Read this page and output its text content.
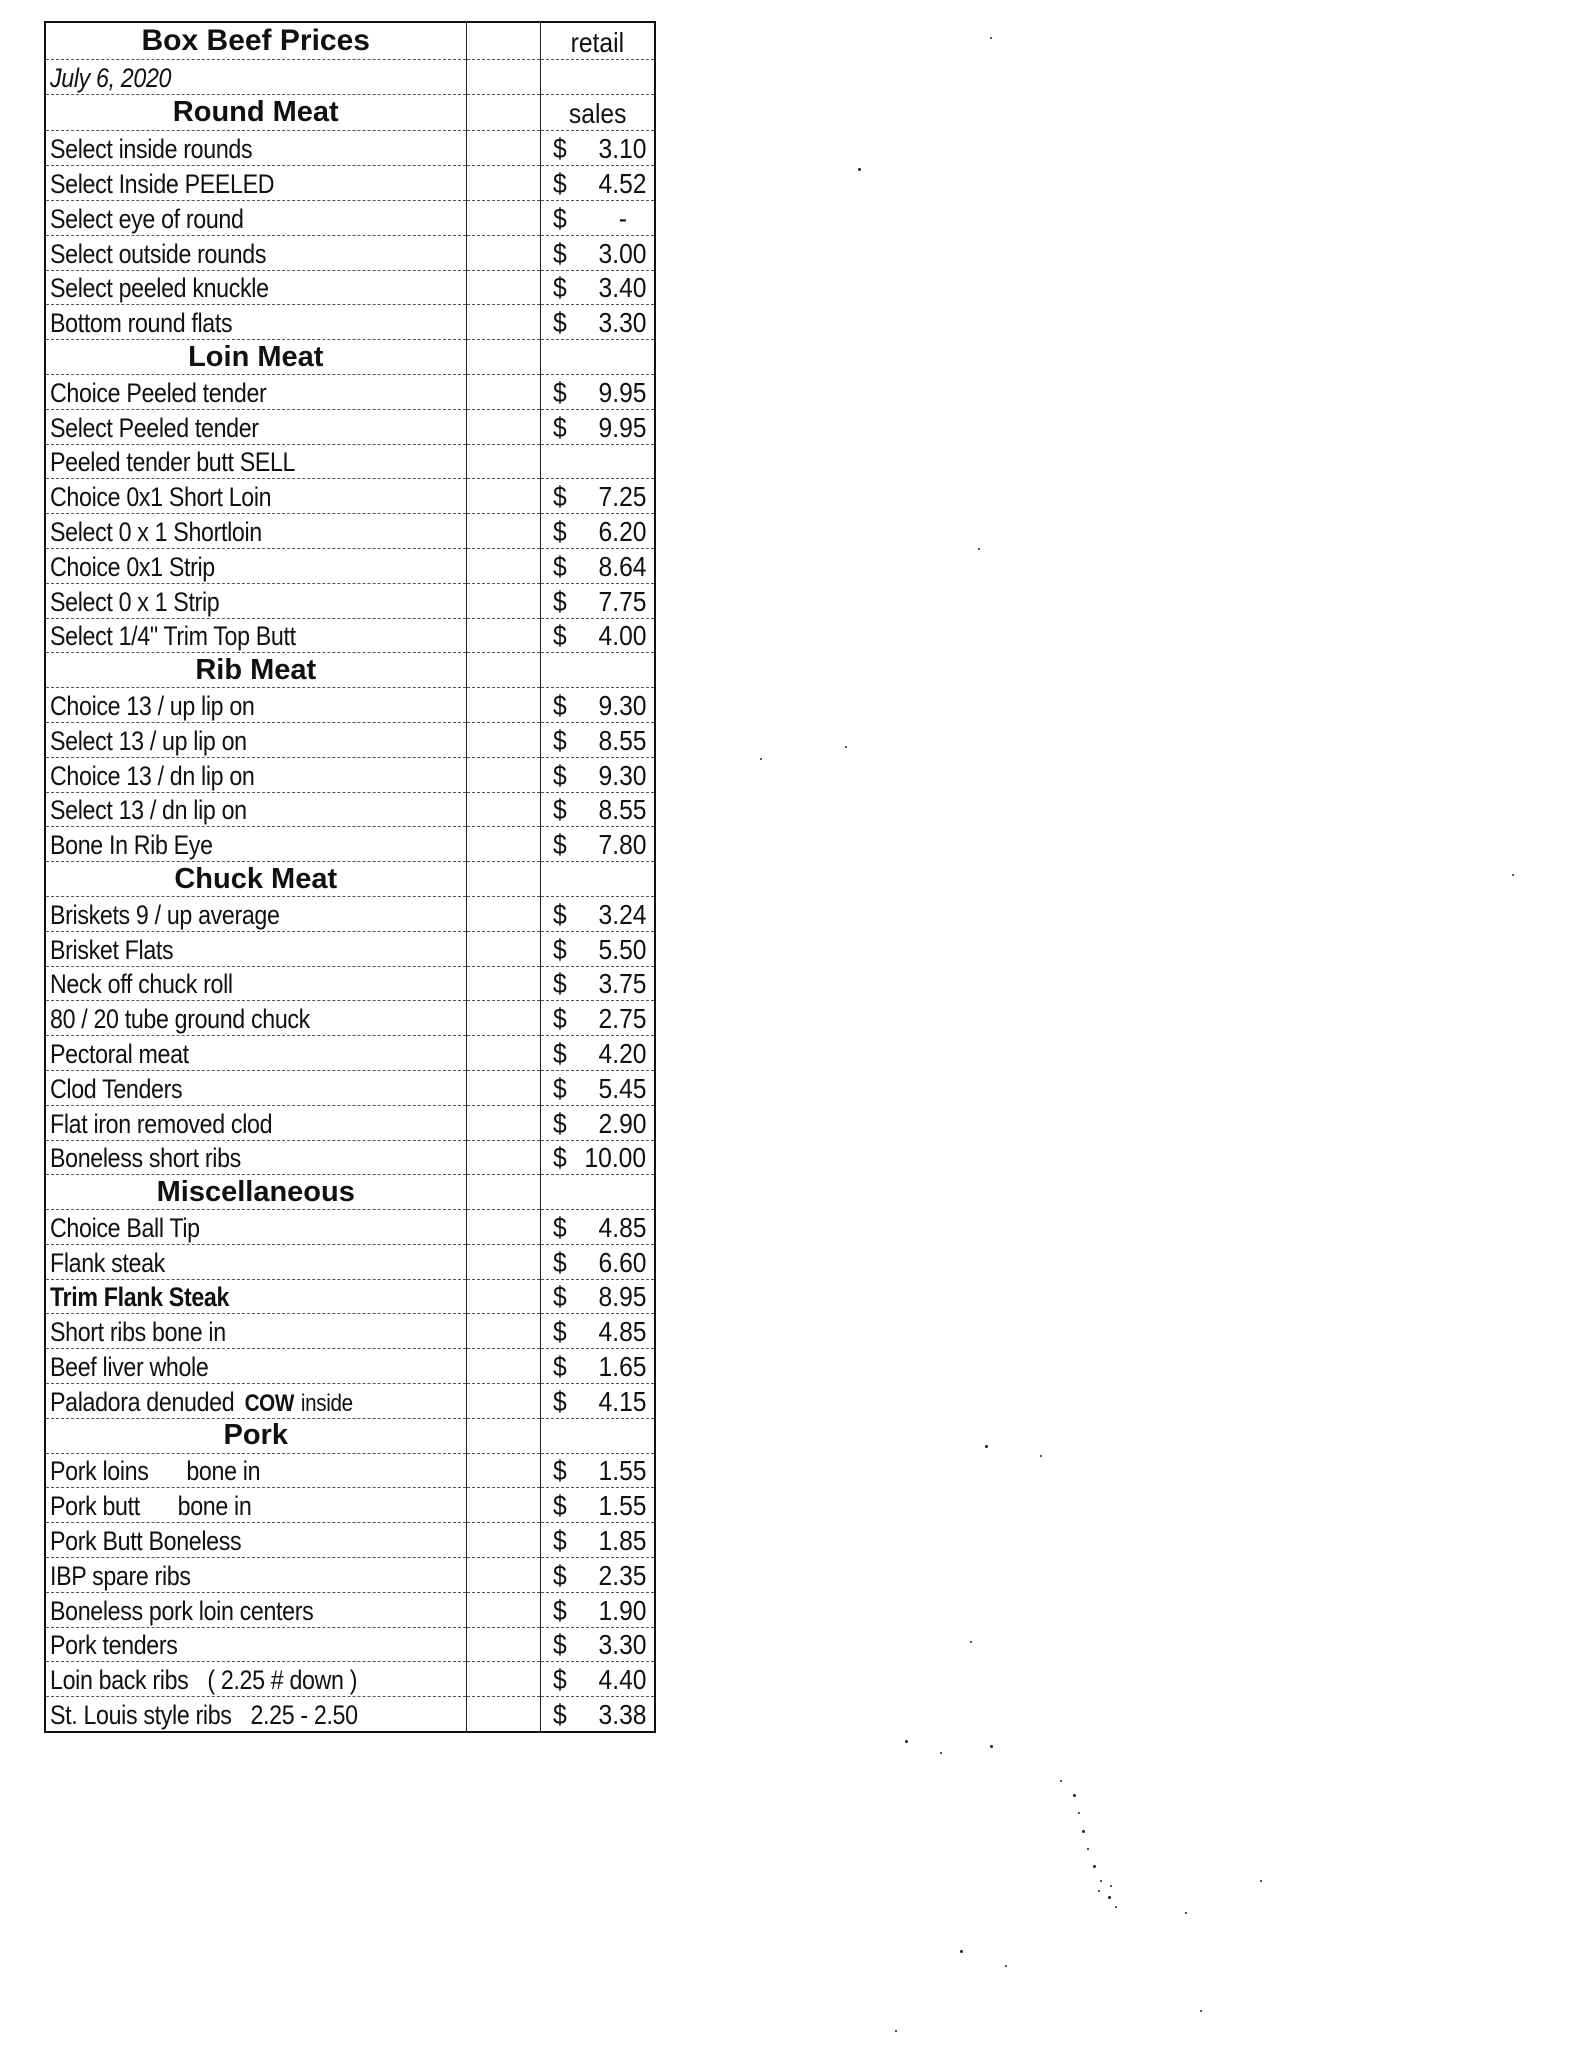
Box Beef Prices		retail
July 6, 2020		
Round Meat		sales
Select inside rounds		$ 3.10

Select Inside PEELED		$ 4.52

Select eye of round		$ -

Select outside rounds		$ 3.00

Select peeled knuckle		$ 3.40

Bottom round flats		$ 3.30

Loin Meat		
Choice Peeled tender		$ 9.95

Select Peeled tender		$ 9.95

Peeled tender butt SELL		

Choice 0x1 Short Loin		$ 7.25

Select 0 x 1 Shortloin		$ 6.20

Choice 0x1 Strip		$ 8.64

Select 0 x 1 Strip		$ 7.75

Select 1/4" Trim Top Butt		$ 4.00

Rib Meat		
Choice 13 / up lip on		$ 9.30

Select 13 / up lip on		$ 8.55

Choice 13 / dn lip on		$ 9.30

Select 13 / dn lip on		$ 8.55

Bone In Rib Eye		$ 7.80

Chuck Meat		
Briskets 9 / up average		$ 3.24

Brisket Flats		$ 5.50

Neck off chuck roll		$ 3.75

80 / 20 tube ground chuck		$ 2.75

Pectoral meat		$ 4.20

Clod Tenders		$ 5.45

Flat iron removed clod		$ 2.90

Boneless short ribs		$ 10.00

Miscellaneous		
Choice Ball Tip		$ 4.85

Flank steak		$ 6.60

Trim Flank Steak		$ 8.95

Short ribs bone in		$ 4.85

Beef liver whole		$ 1.65

Paladora denuded COW inside		$ 4.15

Pork		
Pork loins bone in		$ 1.55

Pork butt bone in		$ 1.55

Pork Butt Boneless		$ 1.85

IBP spare ribs		$ 2.35

Boneless pork loin centers		$ 1.90

Pork tenders		$ 3.30

Loin back ribs ( 2.25 # down )		$ 4.40

St. Louis style ribs 2.25 - 2.50		$ 3.38
